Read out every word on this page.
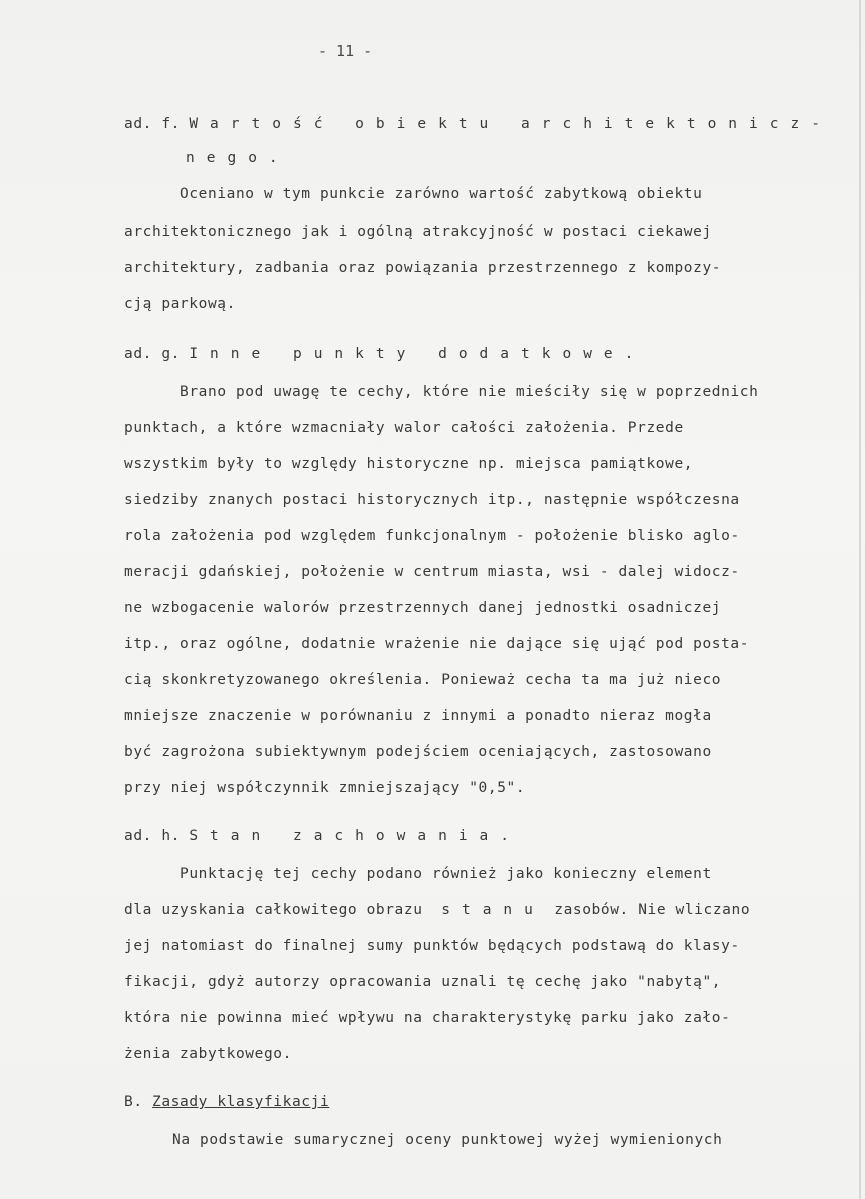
- 11 -
ad. f. Wartość obiektu architektonicz-
nego.
Oceniano w tym punkcie zarówno wartość zabytkową obiektu
architektonicznego jak i ogólną atrakcyjność w postaci ciekawej
architektury, zadbania oraz powiązania przestrzennego z kompozy-
cją parkową.
ad. g. Inne punkty dodatkowe.
Brano pod uwagę te cechy, które nie mieściły się w poprzednich
punktach, a które wzmacniały walor całości założenia. Przede
wszystkim były to względy historyczne np. miejsca pamiątkowe,
siedziby znanych postaci historycznych itp., następnie współczesna
rola założenia pod względem funkcjonalnym - położenie blisko aglo-
meracji gdańskiej, położenie w centrum miasta, wsi - dalej widocz-
ne wzbogacenie walorów przestrzennych danej jednostki osadniczej
itp., oraz ogólne, dodatnie wrażenie nie dające się ująć pod posta-
cią skonkretyzowanego określenia. Ponieważ cecha ta ma już nieco
mniejsze znaczenie w porównaniu z innymi a ponadto nieraz mogła
być zagrożona subiektywnym podejściem oceniających, zastosowano
przy niej współczynnik zmniejszający "0,5".
ad. h. Stan zachowania.
Punktację tej cechy podano również jako konieczny element
dla uzyskania całkowitego obrazu stanu zasobów. Nie wliczano
jej natomiast do finalnej sumy punktów będących podstawą do klasy-
fikacji, gdyż autorzy opracowania uznali tę cechę jako "nabytą",
która nie powinna mieć wpływu na charakterystykę parku jako zało-
żenia zabytkowego.
B. Zasady klasyfikacji
Na podstawie sumarycznej oceny punktowej wyżej wymienionych
